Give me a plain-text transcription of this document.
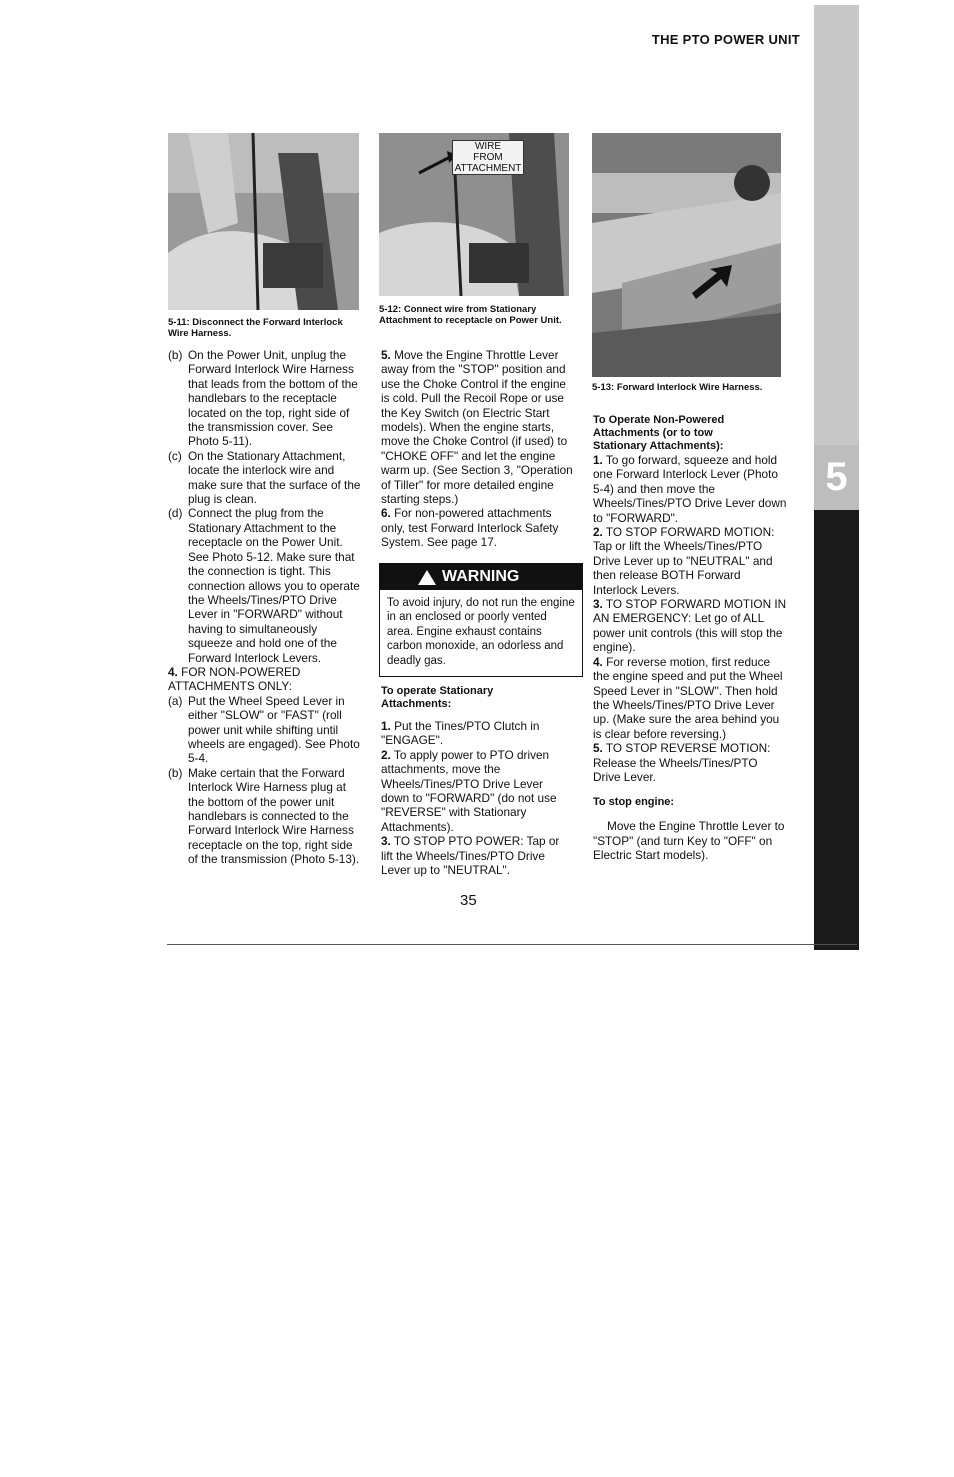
THE PTO POWER UNIT
5
5-11: Disconnect the Forward Interlock Wire Harness.
WIRE
FROM
ATTACHMENT
5-12: Connect wire from Stationary Attachment to receptacle on Power Unit.
5-13: Forward Interlock Wire Harness.
(b) On the Power Unit, unplug the Forward Interlock Wire Harness that leads from the bottom of the handlebars to the receptacle located on the top, right side of the transmission cover. See Photo 5-11).
(c) On the Stationary Attachment, locate the interlock wire and make sure that the surface of the plug is clean.
(d) Connect the plug from the Stationary Attachment to the receptacle on the Power Unit. See Photo 5-12. Make sure that the connection is tight. This connection allows you to operate the Wheels/Tines/PTO Drive Lever in "FORWARD" without having to simultaneously squeeze and hold one of the Forward Interlock Levers.

4. FOR NON-POWERED ATTACHMENTS ONLY:

(a) Put the Wheel Speed Lever in either "SLOW" or "FAST" (roll power unit while shifting until wheels are engaged). See Photo 5-4.
(b) Make certain that the Forward Interlock Wire Harness plug at the bottom of the power unit handlebars is connected to the Forward Interlock Wire Harness receptacle on the top, right side of the transmission (Photo 5-13).

5. Move the Engine Throttle Lever away from the "STOP" position and use the Choke Control if the engine is cold. Pull the Recoil Rope or use the Key Switch (on Electric Start models). When the engine starts, move the Choke Control (if used) to "CHOKE OFF" and let the engine warm up. (See Section 3, "Operation of Tiller" for more detailed engine starting steps.)

6. For non-powered attachments only, test Forward Interlock Safety System. See page 17.

WARNING
To avoid injury, do not run the engine in an enclosed or poorly vented area. Engine exhaust contains carbon monoxide, an odorless and deadly gas.

To operate Stationary Attachments:

1. Put the Tines/PTO Clutch in "ENGAGE".

2. To apply power to PTO driven attachments, move the Wheels/Tines/PTO Drive Lever down to "FORWARD" (do not use "REVERSE" with Stationary Attachments).

3. TO STOP PTO POWER: Tap or lift the Wheels/Tines/PTO Drive Lever up to "NEUTRAL".

To Operate Non-Powered Attachments (or to tow Stationary Attachments):

1. To go forward, squeeze and hold one Forward Interlock Lever (Photo 5-4) and then move the Wheels/Tines/PTO Drive Lever down to "FORWARD".

2. TO STOP FORWARD MOTION: Tap or lift the Wheels/Tines/PTO Drive Lever up to "NEUTRAL" and then release BOTH Forward Interlock Levers.

3. TO STOP FORWARD MOTION IN AN EMERGENCY: Let go of ALL power unit controls (this will stop the engine).

4. For reverse motion, first reduce the engine speed and put the Wheel Speed Lever in "SLOW". Then hold the Wheels/Tines/PTO Drive Lever up. (Make sure the area behind you is clear before reversing.)

5. TO STOP REVERSE MOTION: Release the Wheels/Tines/PTO Drive Lever.

To stop engine:

Move the Engine Throttle Lever to "STOP" (and turn Key to "OFF" on Electric Start models).

35
